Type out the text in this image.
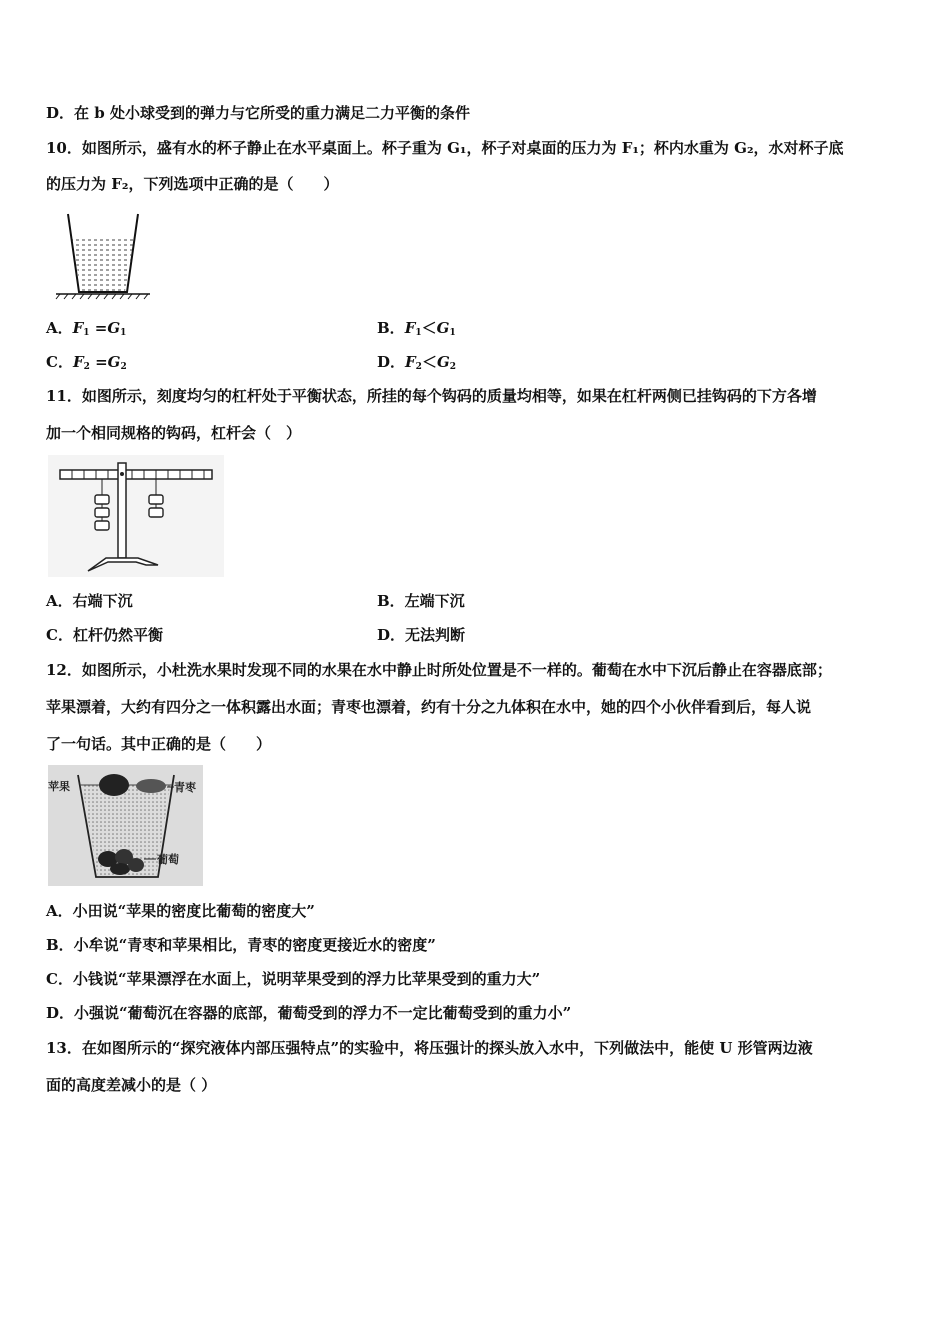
D．在 b 处小球受到的弹力与它所受的重力满足二力平衡的条件
10．如图所示，盛有水的杯子静止在水平桌面上。杯子重为 G₁，杯子对桌面的压力为 F₁；杯内水重为 G₂，水对杯子底
的压力为 F₂，下列选项中正确的是（　　）
A．$F_1 =G_1$	B．$F_1<G_1$
C．$F_2 =G_2$	D．$F_2<G_2$
11．如图所示，刻度均匀的杠杆处于平衡状态，所挂的每个钩码的质量均相等，如果在杠杆两侧已挂钩码的下方各增
加一个相同规格的钩码，杠杆会（　）
A．右端下沉	B．左端下沉
C．杠杆仍然平衡	D．无法判断
12．如图所示，小杜洗水果时发现不同的水果在水中静止时所处位置是不一样的。葡萄在水中下沉后静止在容器底部；
苹果漂着，大约有四分之一体积露出水面；青枣也漂着，约有十分之九体积在水中，她的四个小伙伴看到后，每人说
了一句话。其中正确的是（　　）
苹果	青枣
葡萄
A．小田说“苹果的密度比葡萄的密度大”
B．小牟说“青枣和苹果相比，青枣的密度更接近水的密度”
C．小钱说“苹果漂浮在水面上，说明苹果受到的浮力比苹果受到的重力大”
D．小强说“葡萄沉在容器的底部，葡萄受到的浮力不一定比葡萄受到的重力小”
13．在如图所示的“探究液体内部压强特点”的实验中，将压强计的探头放入水中，下列做法中，能使 U 形管两边液
面的高度差减小的是（ ）
